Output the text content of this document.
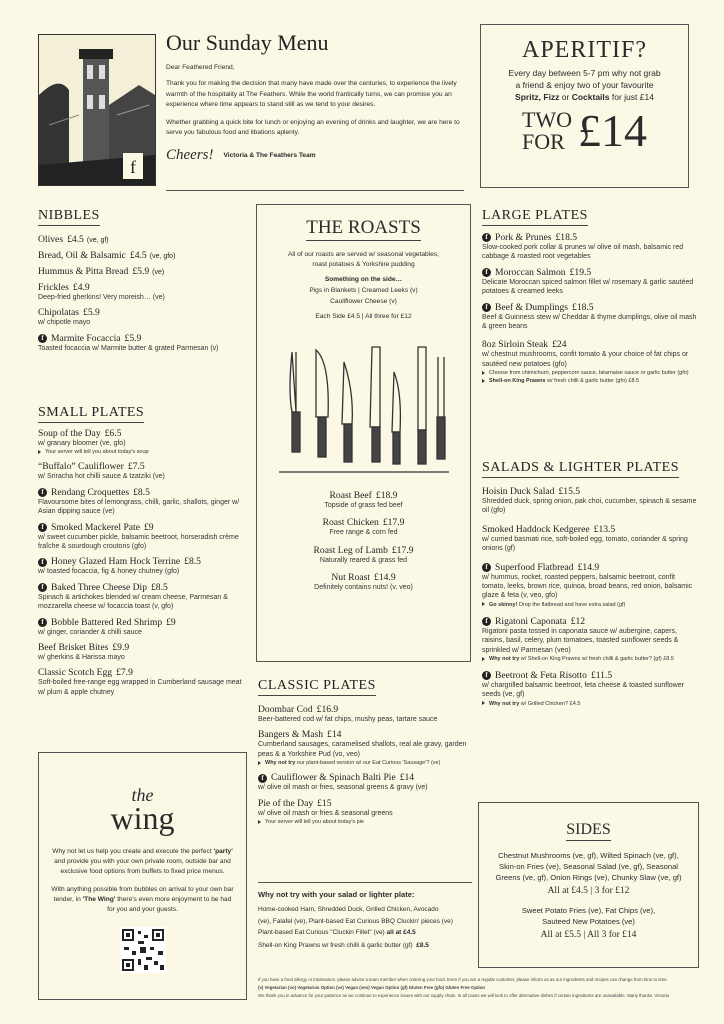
f
Our Sunday Menu
Dear Feathered Friend,
Thank you for making the decision that many have made over the centuries, to experience the lively warmth of the hospitality at The Feathers. While the world frantically turns, we can promise you an experience where time appears to stand still as we tend to your desires.
Whether grabbing a quick bite for lunch or enjoying an evening of drinks and laughter, we are here to serve you fabulous food and libations aplenty.
Cheers! Victoria & The Feathers Team
APERITIF?
Every day between 5-7 pm why not grab
a friend & enjoy two of your favourite
Spritz, Fizz or Cocktails for just £14
TWO
FOR £14
NIBBLES
Olives £4.5 (ve, gf)
Bread, Oil & Balsamic £4.5 (ve, gfo)
Hummus & Pitta Bread £5.9 (ve)
Frickles £4.9
Deep-fried gherkins! Very moreish… (ve)
Chipolatas £5.9
w/ chipotle mayo
f Marmite Focaccia £5.9
Toasted focaccia w/ Marmite butter & grated Parmesan (v)
SMALL PLATES
Soup of the Day £6.5
w/ granary bloomer (ve, gfo)
Your server will tell you about today's soup
“Buffalo” Cauliflower £7.5
w/ Sriracha hot chilli sauce & tzatziki (ve)
f Rendang Croquettes £8.5
Flavoursome bites of lemongrass, chilli, garlic, shallots, ginger w/ Asian dipping sauce (ve)
f Smoked Mackerel Pate £9
w/ sweet cucumber pickle, balsamic beetroot, horseradish crème fraîche & sourdough croutons (gfo)
f Honey Glazed Ham Hock Terrine £8.5
w/ toasted focaccia, fig & honey chutney (gfo)
f Baked Three Cheese Dip £8.5
Spinach & artichokes blended w/ cream cheese, Parmesan & mozzarella cheese w/ focaccia toast (v, gfo)
f Bobble Battered Red Shrimp £9
w/ ginger, coriander & chilli sauce
Beef Brisket Bites £9.9
w/ gherkins & Harissa mayo
Classic Scotch Egg £7.9
Soft-boiled free-range egg wrapped in Cumberland sausage meat w/ plum & apple chutney
the
wing
Why not let us help you create and execute the perfect 'party' and provide you with your own private room, outside bar and exclusive food options from buffets to fixed price menus.
With anything possible from bubbles on arrival to your own bar tender, in 'The Wing' there's even more enjoyment to be had for you and your guests.
THE ROASTS
All of our roasts are served w/ seasonal vegetables,
roast potatoes & Yorkshire pudding
Something on the side…
Pigs in Blankets | Creamed Leeks (v)
Cauliflower Cheese (v)
Each Side £4.5 | All three for £12
Roast Beef £18.9
Topside of grass fed beef
Roast Chicken £17.9
Free range & corn fed
Roast Leg of Lamb £17.9
Naturally reared & grass fed
Nut Roast £14.9
Definitely contains nuts! (v, veo)
CLASSIC PLATES
Doombar Cod £16.9
Beer-battered cod w/ fat chips, mushy peas, tartare sauce
Bangers & Mash £14
Cumberland sausages, caramelised shallots, real ale gravy, garden peas & a Yorkshire Pud (vo, veo)
Why not try our plant-based version w/ our Eat Curious 'Sausage'? (ve)
f Cauliflower & Spinach Balti Pie £14
w/ olive oil mash or fries, seasonal greens & gravy (ve)
Pie of the Day £15
w/ olive oil mash or fries & seasonal greens
Your server will tell you about today's pie
Why not try with your salad or lighter plate:
Home-cooked Ham, Shredded Duck, Grilled Chicken, Avocado
(ve), Falafel (ve), Plant-based Eat Curious BBQ Cluckin' pieces (ve)
Plant-based Eat Curious "Cluckin Fillet" (ve) all at £4.5
Shell-on King Prawns w/ fresh chilli & garlic butter (gf) £8.5
LARGE PLATES
f Pork & Prunes £18.5
Slow-cooked pork collar & prunes w/ olive oil mash, balsamic red cabbage & roasted root vegetables
f Moroccan Salmon £19.5
Delicate Moroccan spiced salmon fillet w/ rosemary & garlic sautéed potatoes & creamed leeks
f Beef & Dumplings £18.5
Beef & Guinness stew w/ Cheddar & thyme dumplings, olive oil mash & green beans
8oz Sirloin Steak £24
w/ chestnut mushrooms, confit tomato & your choice of fat chips or sautéed new potatoes (gfo)
Choose from chimichurri, peppercorn sauce, béarnaise sauce or garlic butter (gfo)
Shell-on King Prawns w/ fresh chilli & garlic butter (gfo) £8.5
SALADS & LIGHTER PLATES
Hoisin Duck Salad £15.5
Shredded duck, spring onion, pak choi, cucumber, spinach & sesame oil (gfo)
Smoked Haddock Kedgeree £13.5
w/ curried basmati rice, soft-boiled egg, tomato, coriander & spring onions (gf)
f Superfood Flatbread £14.9
w/ hummus, rocket, roasted peppers, balsamic beetroot, confit tomato, leeks, brown rice, quinoa, broad beans, red onion, balsamic glaze & feta (v, veo, gfo)
Go skinny! Drop the flatbread and have extra salad (gf)
f Rigatoni Caponata £12
Rigatoni pasta tossed in caponata sauce w/ aubergine, capers, raisins, basil, celery, plum tomatoes, toasted sunflower seeds & sprinkled w/ Parmesan (veo)
Why not try w/ Shell-on King Prawns w/ fresh chilli & garlic butter? (gf) £8.5
f Beetroot & Feta Risotto £11.5
w/ chargrilled balsamic beetroot, feta cheese & toasted sunflower seeds (ve, gf)
Why not try w/ Grilled Chicken? £4.5
SIDES
Chestnut Mushrooms (ve, gf), Wilted Spinach (ve, gf),
Skin-on Fries (ve), Seasonal Salad (ve, gf), Seasonal
Greens (ve, gf), Onion Rings (ve), Chunky Slaw (ve, gf)
All at £4.5 | 3 for £12
Sweet Potato Fries (ve), Fat Chips (ve),
Sauteed New Potatoes (ve)
All at £5.5 | All 3 for £14
If you have a food allergy or intolerance, please advise a team member when ordering your food. Even if you are a regular customer, please inform us as our ingredients and recipes can change from time to time.
(v) Vegetarian (vo) Vegetarian Option (ve) Vegan (veo) Vegan Option (gf) Gluten Free (gfo) Gluten Free Option
We thank you in advance for your patience as we continue to experience issues with our supply chain. In all cases we will look to offer alternative dishes if certain ingredients are unavailable. Many thanks, Victoria
